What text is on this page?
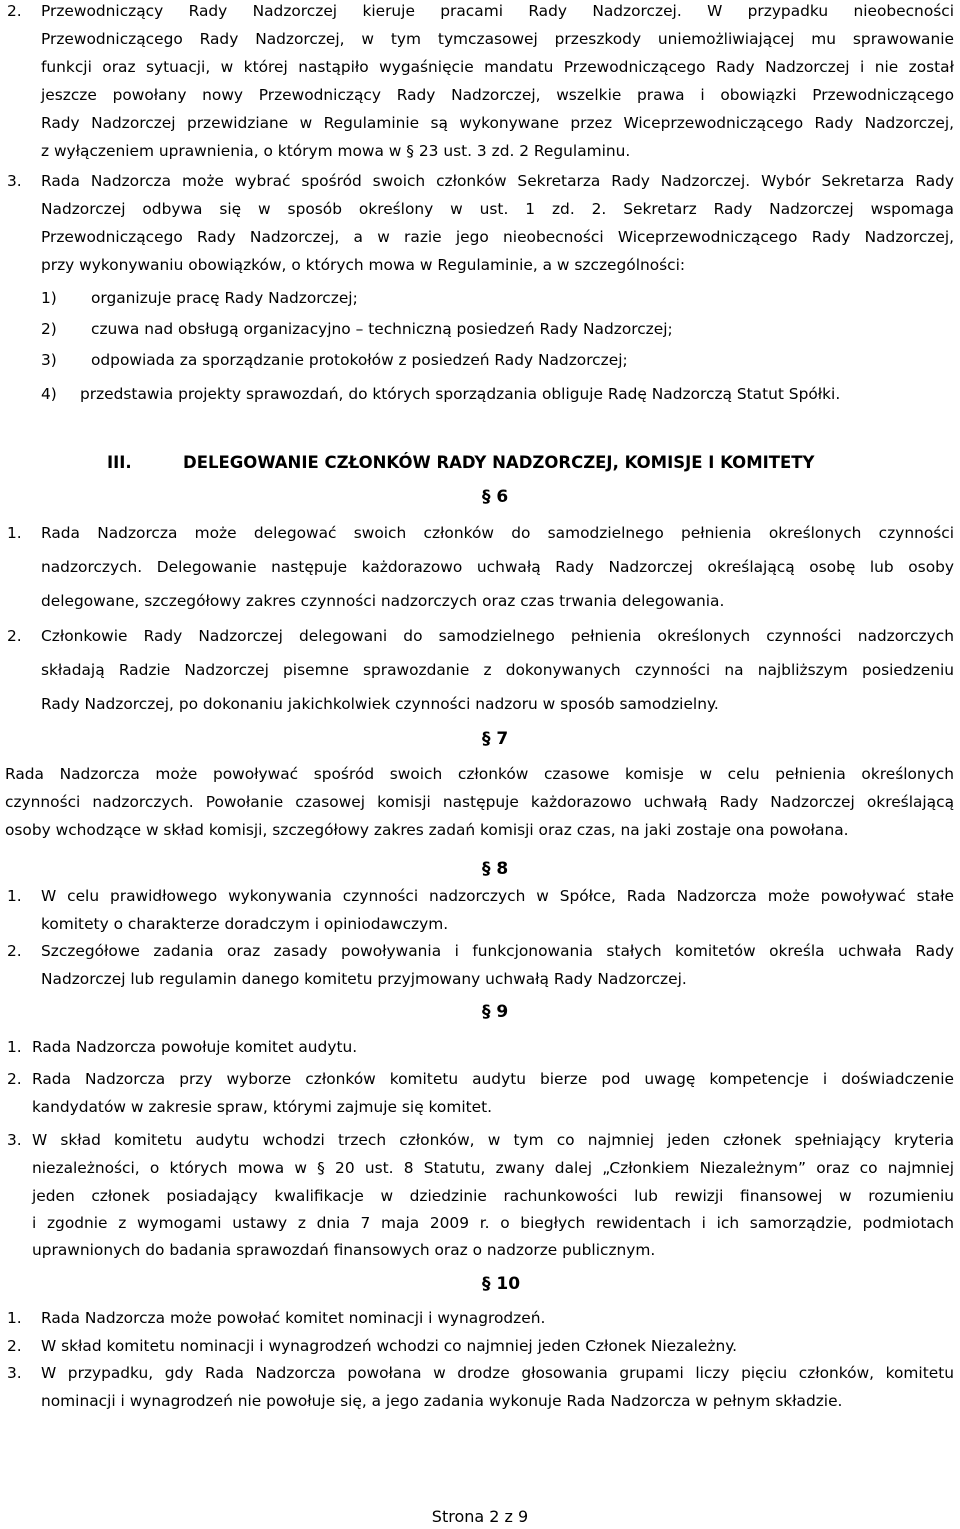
2. Przewodniczący Rady Nadzorczej kieruje pracami Rady Nadzorczej. W przypadku nieobecności
Przewodniczącego Rady Nadzorczej, w tym tymczasowej przeszkody uniemożliwiającej mu sprawowanie
funkcji oraz sytuacji, w której nastąpiło wygaśnięcie mandatu Przewodniczącego Rady Nadzorczej i nie został
jeszcze powołany nowy Przewodniczący Rady Nadzorczej, wszelkie prawa i obowiązki Przewodniczącego
Rady Nadzorczej przewidziane w Regulaminie są wykonywane przez Wiceprzewodniczącego Rady Nadzorczej,
z wyłączeniem uprawnienia, o którym mowa w § 23 ust. 3 zd. 2 Regulaminu.
3. Rada Nadzorcza może wybrać spośród swoich członków Sekretarza Rady Nadzorczej. Wybór Sekretarza Rady
Nadzorczej odbywa się w sposób określony w ust. 1 zd. 2. Sekretarz Rady Nadzorczej wspomaga
Przewodniczącego Rady Nadzorczej, a w razie jego nieobecności Wiceprzewodniczącego Rady Nadzorczej,
przy wykonywaniu obowiązków, o których mowa w Regulaminie, a w szczególności:
1) organizuje pracę Rady Nadzorczej;
2) czuwa nad obsługą organizacyjno – techniczną posiedzeń Rady Nadzorczej;
3) odpowiada za sporządzanie protokołów z posiedzeń Rady Nadzorczej;
4) przedstawia projekty sprawozdań, do których sporządzania obliguje Radę Nadzorczą Statut Spółki.
III.	DELEGOWANIE CZŁONKÓW RADY NADZORCZEJ, KOMISJE I KOMITETY
§ 6
1. Rada Nadzorcza może delegować swoich członków do samodzielnego pełnienia określonych czynności
nadzorczych. Delegowanie następuje każdorazowo uchwałą Rady Nadzorczej określającą osobę lub osoby
delegowane, szczegółowy zakres czynności nadzorczych oraz czas trwania delegowania.
2. Członkowie Rady Nadzorczej delegowani do samodzielnego pełnienia określonych czynności nadzorczych
składają Radzie Nadzorczej pisemne sprawozdanie z dokonywanych czynności na najbliższym posiedzeniu
Rady Nadzorczej, po dokonaniu jakichkolwiek czynności nadzoru w sposób samodzielny.
§ 7
Rada Nadzorcza może powoływać spośród swoich członków czasowe komisje w celu pełnienia określonych
czynności nadzorczych. Powołanie czasowej komisji następuje każdorazowo uchwałą Rady Nadzorczej określającą
osoby wchodzące w skład komisji, szczegółowy zakres zadań komisji oraz czas, na jaki zostaje ona powołana.
§ 8
1. W celu prawidłowego wykonywania czynności nadzorczych w Spółce, Rada Nadzorcza może powoływać stałe
komitety o charakterze doradczym i opiniodawczym.
2. Szczegółowe zadania oraz zasady powoływania i funkcjonowania stałych komitetów określa uchwała Rady
Nadzorczej lub regulamin danego komitetu przyjmowany uchwałą Rady Nadzorczej.
§ 9
1. Rada Nadzorcza powołuje komitet audytu.
2. Rada Nadzorcza przy wyborze członków komitetu audytu bierze pod uwagę kompetencje i doświadczenie
kandydatów w zakresie spraw, którymi zajmuje się komitet.
3. W skład komitetu audytu wchodzi trzech członków, w tym co najmniej jeden członek spełniający kryteria
niezależności, o których mowa w § 20 ust. 8 Statutu, zwany dalej „Członkiem Niezależnym” oraz co najmniej
jeden członek posiadający kwalifikacje w dziedzinie rachunkowości lub rewizji finansowej w rozumieniu
i zgodnie z wymogami ustawy z dnia 7 maja 2009 r. o biegłych rewidentach i ich samorządzie, podmiotach
uprawnionych do badania sprawozdań finansowych oraz o nadzorze publicznym.
§ 10
1. Rada Nadzorcza może powołać komitet nominacji i wynagrodzeń.
2. W skład komitetu nominacji i wynagrodzeń wchodzi co najmniej jeden Członek Niezależny.
3. W przypadku, gdy Rada Nadzorcza powołana w drodze głosowania grupami liczy pięciu członków, komitetu
nominacji i wynagrodzeń nie powołuje się, a jego zadania wykonuje Rada Nadzorcza w pełnym składzie.
Strona 2 z 9
